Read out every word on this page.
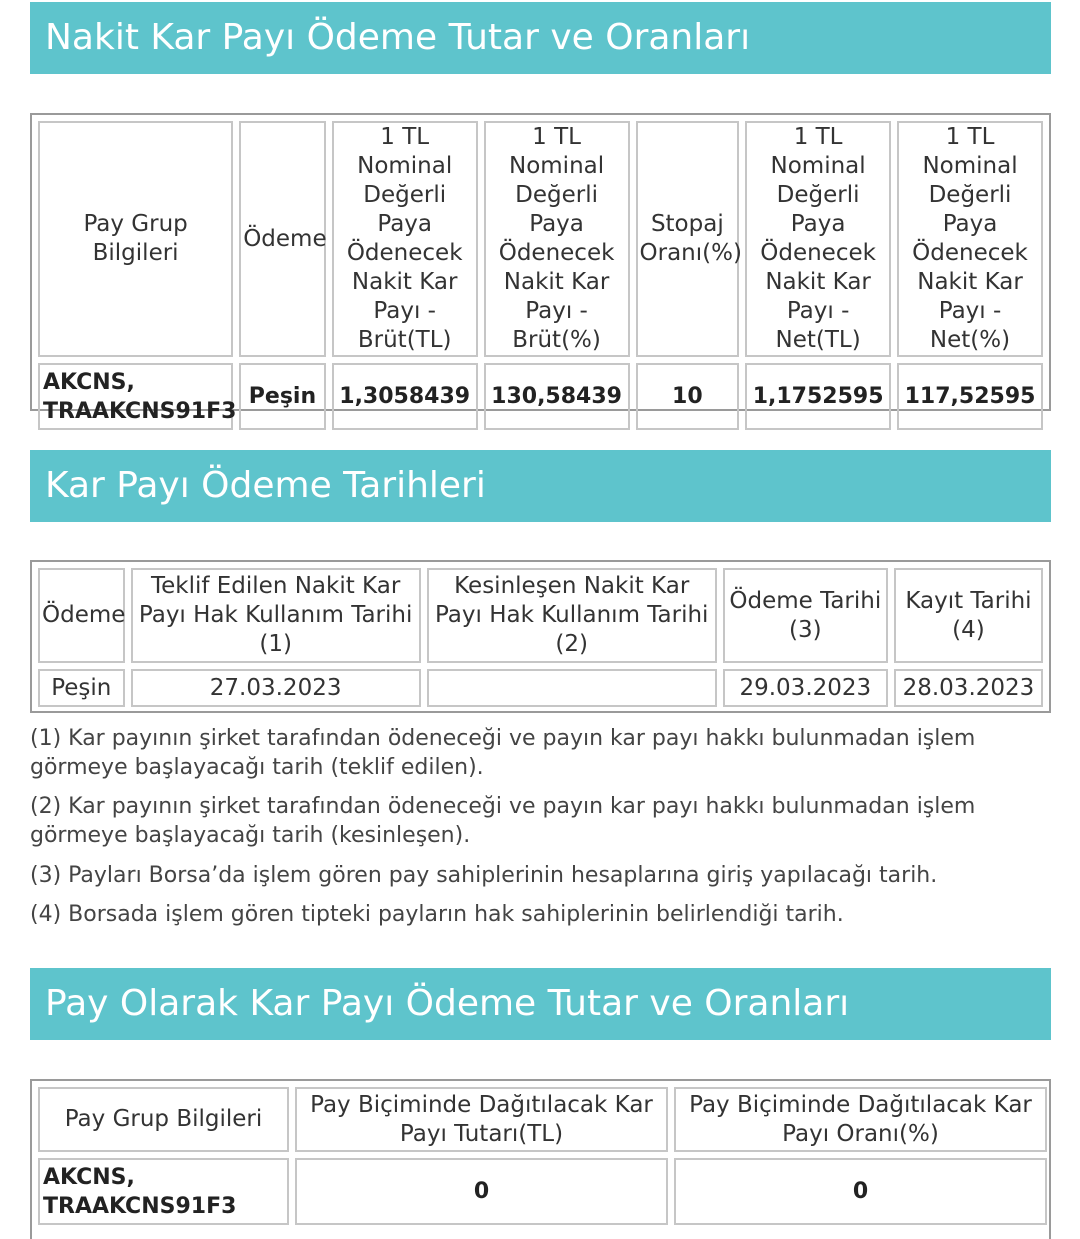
Nakit Kar Payı Ödeme Tutar ve Oranları
Pay Grup Bilgileri	Ödeme	1 TL Nominal Değerli Paya Ödenecek Nakit Kar Payı - Brüt(TL)	1 TL Nominal Değerli Paya Ödenecek Nakit Kar Payı - Brüt(%)	Stopaj Oranı(%)	1 TL Nominal Değerli Paya Ödenecek Nakit Kar Payı - Net(TL)	1 TL Nominal Değerli Paya Ödenecek Nakit Kar Payı - Net(%)
AKCNS,
TRAAKCNS91F3	Peşin	1,3058439	130,58439	10	1,1752595	117,52595
Kar Payı Ödeme Tarihleri
Ödeme	Teklif Edilen Nakit Kar Payı Hak Kullanım Tarihi (1)	Kesinleşen Nakit Kar Payı Hak Kullanım Tarihi (2)	Ödeme Tarihi (3)	Kayıt Tarihi (4)
Peşin	27.03.2023		29.03.2023	28.03.2023
(1) Kar payının şirket tarafından ödeneceği ve payın kar payı hakkı bulunmadan işlem görmeye başlayacağı tarih (teklif edilen).
(2) Kar payının şirket tarafından ödeneceği ve payın kar payı hakkı bulunmadan işlem görmeye başlayacağı tarih (kesinleşen).
(3) Payları Borsa’da işlem gören pay sahiplerinin hesaplarına giriş yapılacağı tarih.
(4) Borsada işlem gören tipteki payların hak sahiplerinin belirlendiği tarih.
Pay Olarak Kar Payı Ödeme Tutar ve Oranları
Pay Grup Bilgileri	Pay Biçiminde Dağıtılacak Kar Payı Tutarı(TL)	Pay Biçiminde Dağıtılacak Kar Payı Oranı(%)
AKCNS,
TRAAKCNS91F3	0	0
